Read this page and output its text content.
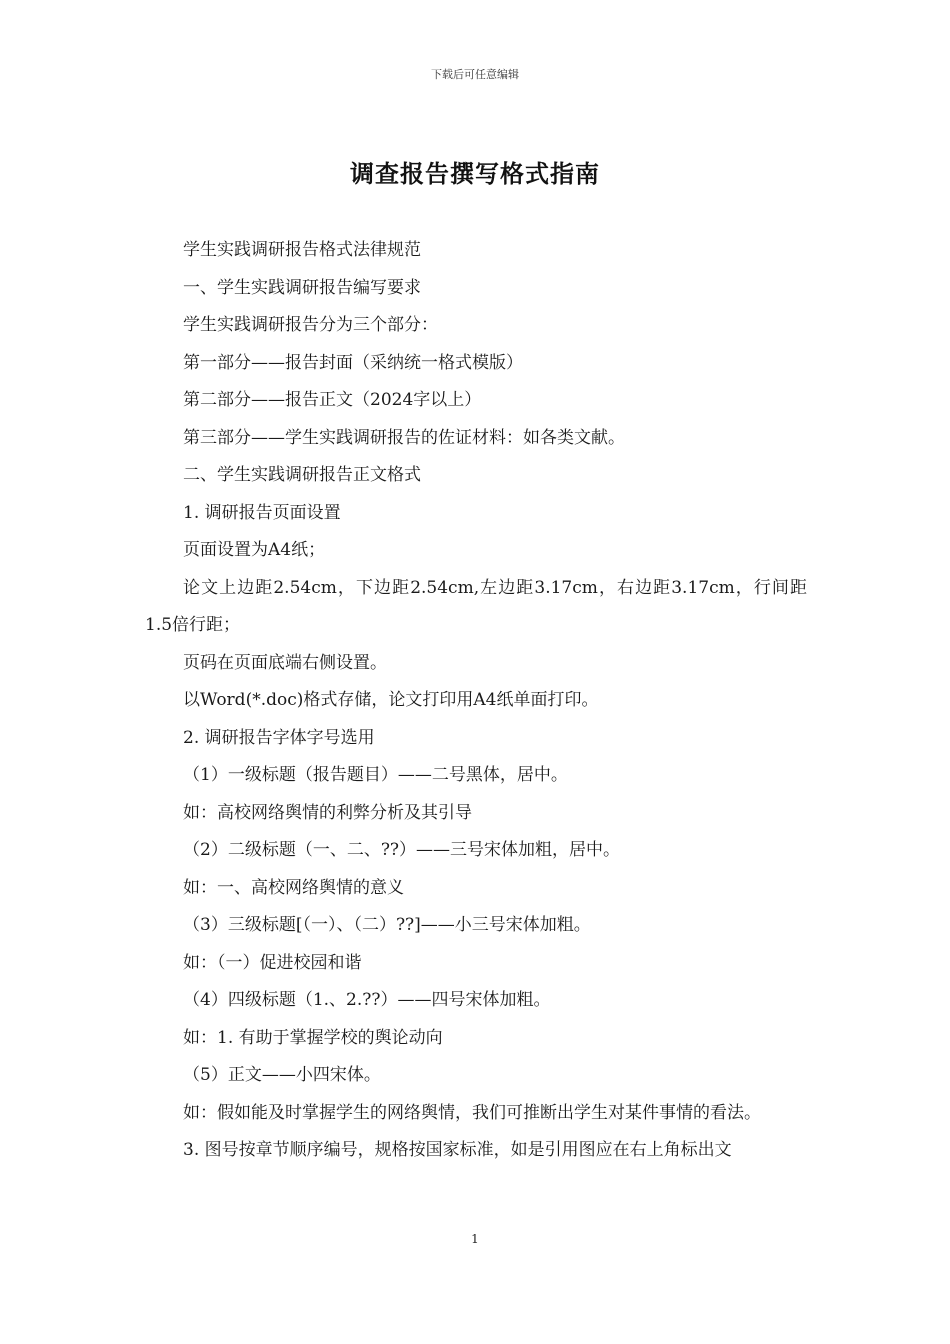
下载后可任意编辑
调查报告撰写格式指南

学生实践调研报告格式法律规范

一、学生实践调研报告编写要求

学生实践调研报告分为三个部分：

第一部分——报告封面（采纳统一格式模版）

第二部分——报告正文（2024字以上）

第三部分——学生实践调研报告的佐证材料：如各类文献。

二、学生实践调研报告正文格式

1. 调研报告页面设置

页面设置为A4纸；

论文上边距2.54cm，下边距2.54cm,左边距3.17cm，右边距3.17cm，行间距1.5倍行距；

页码在页面底端右侧设置。

以Word(*.doc)格式存储，论文打印用A4纸单面打印。

2. 调研报告字体字号选用

（1）一级标题（报告题目）——二号黑体，居中。

如：高校网络舆情的利弊分析及其引导

（2）二级标题（一、二、??）——三号宋体加粗，居中。

如：一、高校网络舆情的意义

（3）三级标题[（一）、（二）??]——小三号宋体加粗。

如：（一）促进校园和谐

（4）四级标题（1.、2.??）——四号宋体加粗。

如：1. 有助于掌握学校的舆论动向

（5）正文——小四宋体。

如：假如能及时掌握学生的网络舆情，我们可推断出学生对某件事情的看法。

3. 图号按章节顺序编号，规格按国家标准，如是引用图应在右上角标出文

1
